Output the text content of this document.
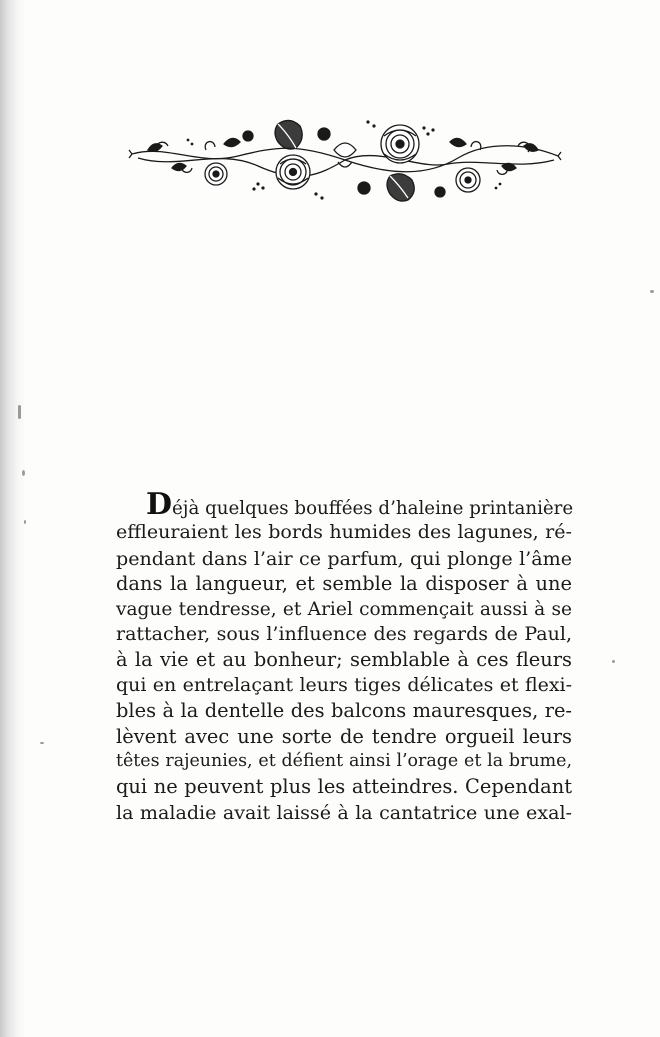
Déjà quelques bouffées d’haleine printanière
effleuraient les bords humides des lagunes, ré-
pendant dans l’air ce parfum, qui plonge l’âme
dans la langueur, et semble la disposer à une
vague tendresse, et Ariel commençait aussi à se
rattacher, sous l’influence des regards de Paul,
à la vie et au bonheur; semblable à ces fleurs
qui en entrelaçant leurs tiges délicates et flexi-
bles à la dentelle des balcons mauresques, re-
lèvent avec une sorte de tendre orgueil leurs
têtes rajeunies, et défient ainsi l’orage et la brume,
qui ne peuvent plus les atteindres. Cependant
la maladie avait laissé à la cantatrice une exal-
